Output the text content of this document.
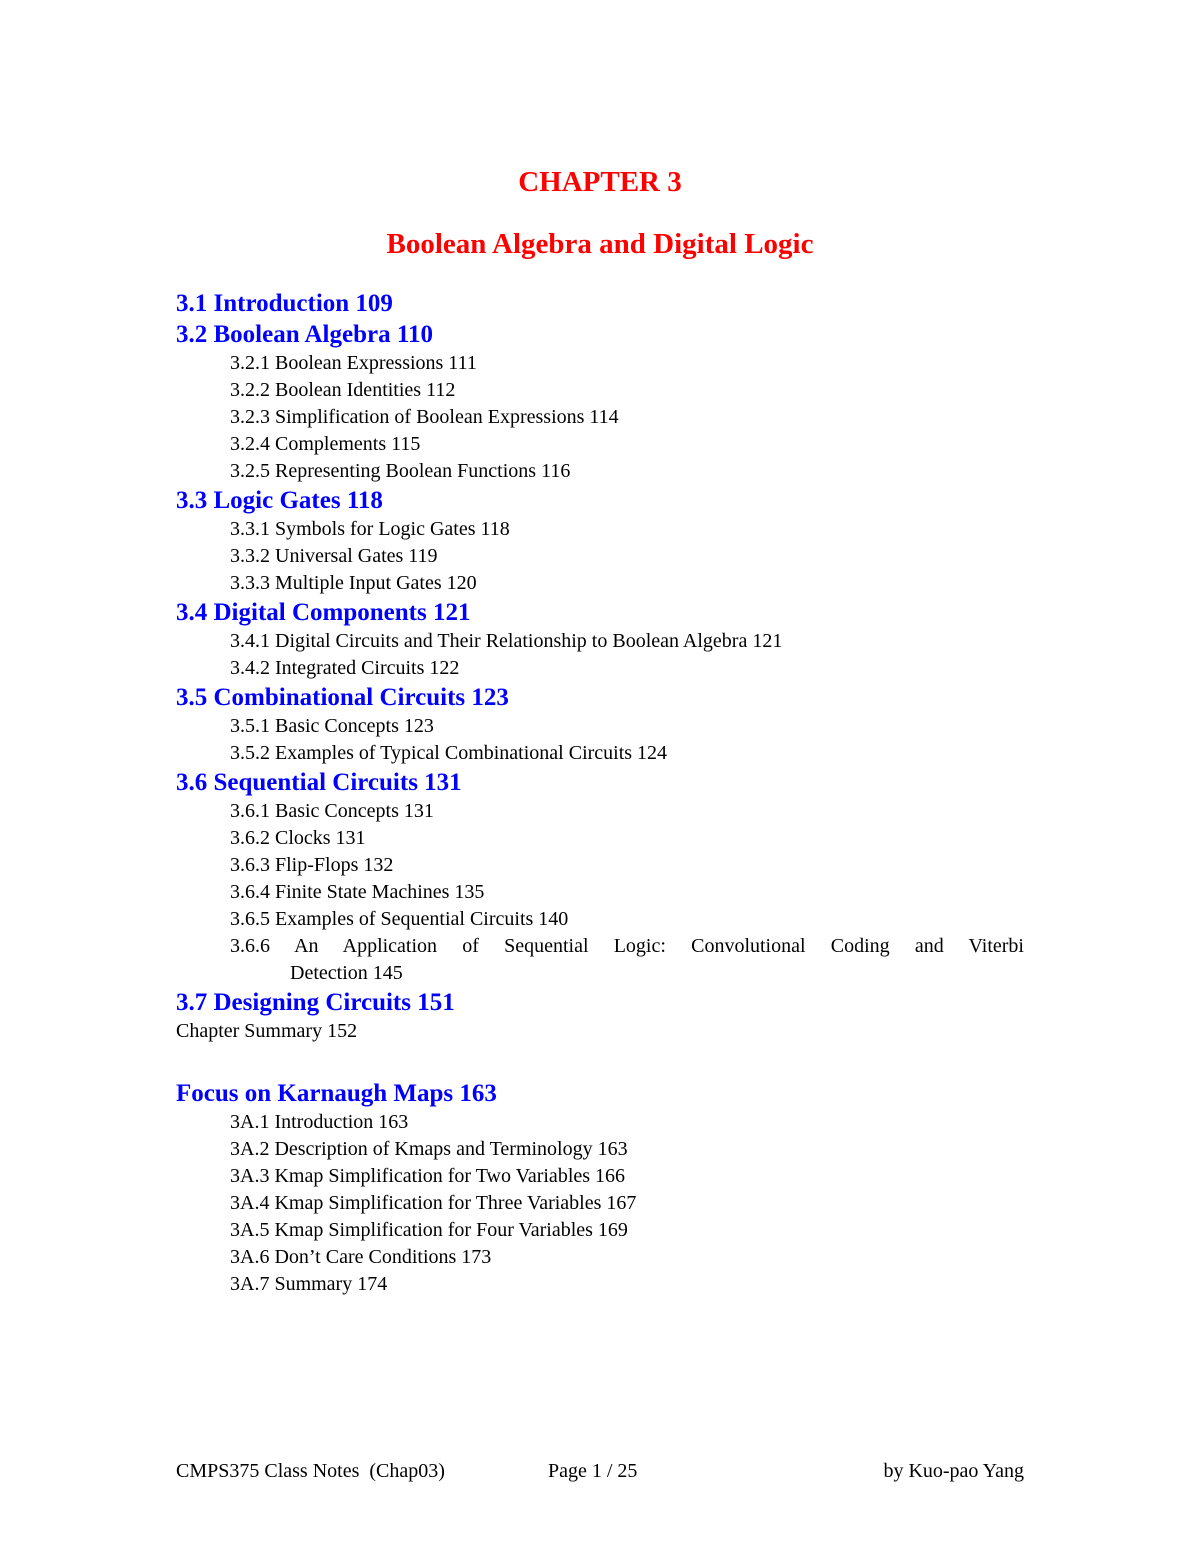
CHAPTER 3
Boolean Algebra and Digital Logic
3.1 Introduction 109
3.2 Boolean Algebra 110
3.2.1 Boolean Expressions 111
3.2.2 Boolean Identities 112
3.2.3 Simplification of Boolean Expressions 114
3.2.4 Complements 115
3.2.5 Representing Boolean Functions 116
3.3 Logic Gates 118
3.3.1 Symbols for Logic Gates 118
3.3.2 Universal Gates 119
3.3.3 Multiple Input Gates 120
3.4 Digital Components 121
3.4.1 Digital Circuits and Their Relationship to Boolean Algebra 121
3.4.2 Integrated Circuits 122
3.5 Combinational Circuits 123
3.5.1 Basic Concepts 123
3.5.2 Examples of Typical Combinational Circuits 124
3.6 Sequential Circuits 131
3.6.1 Basic Concepts 131
3.6.2 Clocks 131
3.6.3 Flip-Flops 132
3.6.4 Finite State Machines 135
3.6.5 Examples of Sequential Circuits 140
3.6.6 An Application of Sequential Logic: Convolutional Coding and Viterbi
Detection 145
3.7 Designing Circuits 151
Chapter Summary 152
Focus on Karnaugh Maps 163
3A.1 Introduction 163
3A.2 Description of Kmaps and Terminology 163
3A.3 Kmap Simplification for Two Variables 166
3A.4 Kmap Simplification for Three Variables 167
3A.5 Kmap Simplification for Four Variables 169
3A.6 Don’t Care Conditions 173
3A.7 Summary 174
CMPS375 Class Notes  (Chap03)	Page 1 / 25	by Kuo-pao Yang
